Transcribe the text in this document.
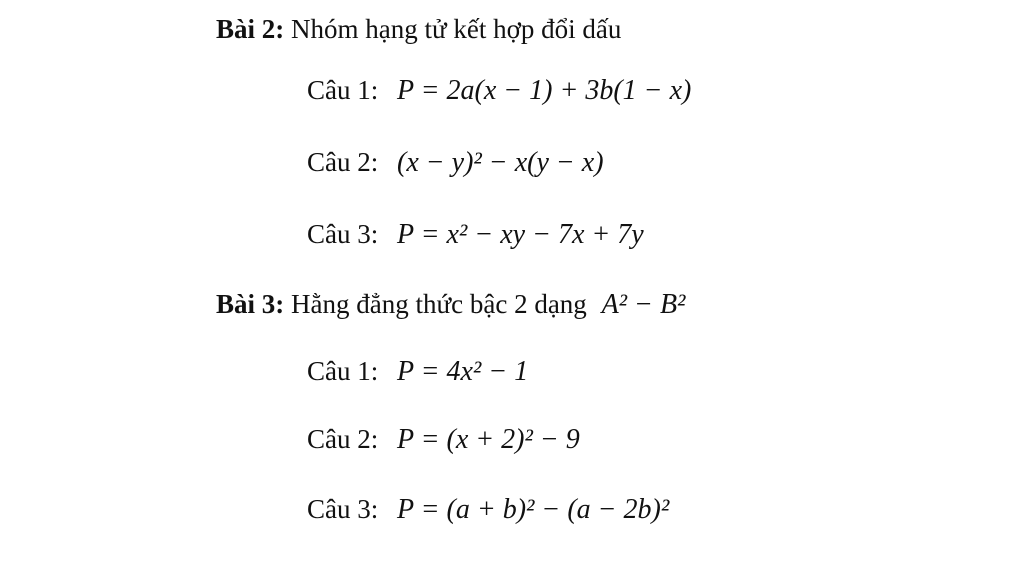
Bài 2: Nhóm hạng tử kết hợp đổi dấu
Câu 1: P = 2a(x − 1) + 3b(1 − x)
Câu 2: (x − y)² − x(y − x)
Câu 3: P = x² − xy − 7x + 7y
Bài 3: Hằng đẳng thức bậc 2 dạng A² − B²
Câu 1: P = 4x² − 1
Câu 2: P = (x + 2)² − 9
Câu 3: P = (a + b)² − (a − 2b)²
